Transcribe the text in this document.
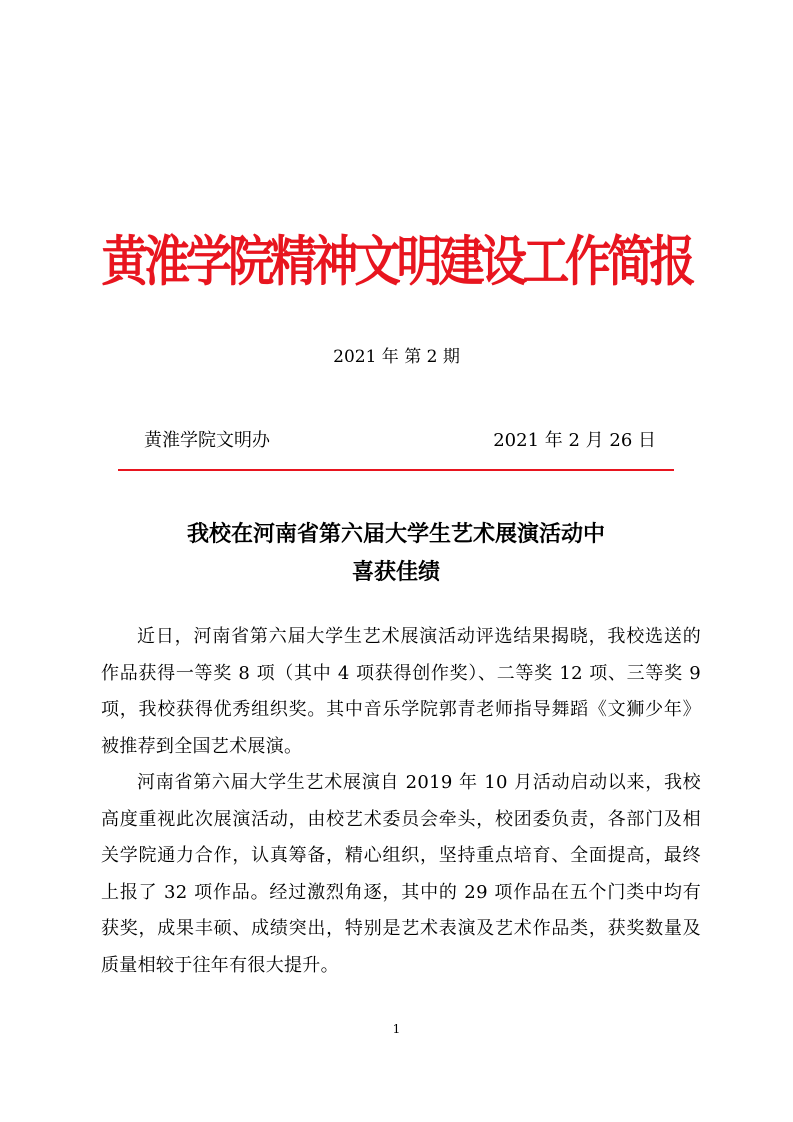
黄淮学院精神文明建设工作简报
2021 年 第 2 期
黄淮学院文明办	2021 年 2 月 26 日
我校在河南省第六届大学生艺术展演活动中
喜获佳绩

近日，河南省第六届大学生艺术展演活动评选结果揭晓，我校选送的作品获得一等奖 8 项（其中 4 项获得创作奖）、二等奖 12 项、三等奖 9 项，我校获得优秀组织奖。其中音乐学院郭青老师指导舞蹈《文狮少年》被推荐到全国艺术展演。

河南省第六届大学生艺术展演自 2019 年 10 月活动启动以来，我校高度重视此次展演活动，由校艺术委员会牵头，校团委负责，各部门及相关学院通力合作，认真筹备，精心组织，坚持重点培育、全面提高，最终上报了 32 项作品。经过激烈角逐，其中的 29 项作品在五个门类中均有获奖，成果丰硕、成绩突出，特别是艺术表演及艺术作品类，获奖数量及质量相较于往年有很大提升。

1
